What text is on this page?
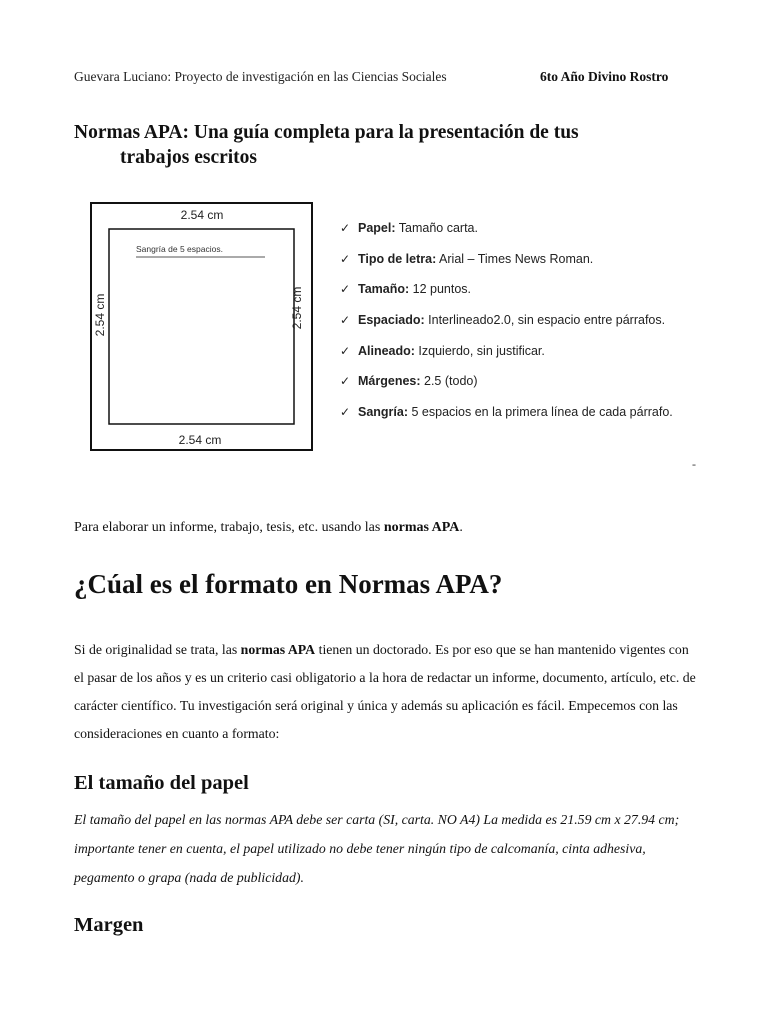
Guevara Luciano: Proyecto de investigación en las Ciencias Sociales	6to Año Divino Rostro
Normas APA: Una guía completa para la presentación de tus
trabajos escritos
2.54 cm
2.54 cm
2.54 cm	2.54 cm
Sangría de 5 espacios.
✓ Papel: Tamaño carta.
✓ Tipo de letra: Arial – Times News Roman.
✓ Tamaño: 12 puntos.
✓ Espaciado: Interlineado2.0, sin espacio entre párrafos.
✓ Alineado: Izquierdo, sin justificar.
✓ Márgenes: 2.5 (todo)
✓ Sangría: 5 espacios en la primera línea de cada párrafo.
-
Para elaborar un informe, trabajo, tesis, etc. usando las normas APA.
¿Cúal es el formato en Normas APA?

Si de originalidad se trata, las normas APA tienen un doctorado. Es por eso que se han mantenido vigentes con el pasar de los años y es un criterio casi obligatorio a la hora de redactar un informe, documento, artículo, etc. de carácter científico. Tu investigación será original y única y además su aplicación es fácil. Empecemos con las consideraciones en cuanto a formato:

El tamaño del papel

El tamaño del papel en las normas APA debe ser carta (SI, carta. NO A4) La medida es 21.59 cm x 27.94 cm; importante tener en cuenta, el papel utilizado no debe tener ningún tipo de calcomanía, cinta adhesiva, pegamento o grapa (nada de publicidad).

Margen
